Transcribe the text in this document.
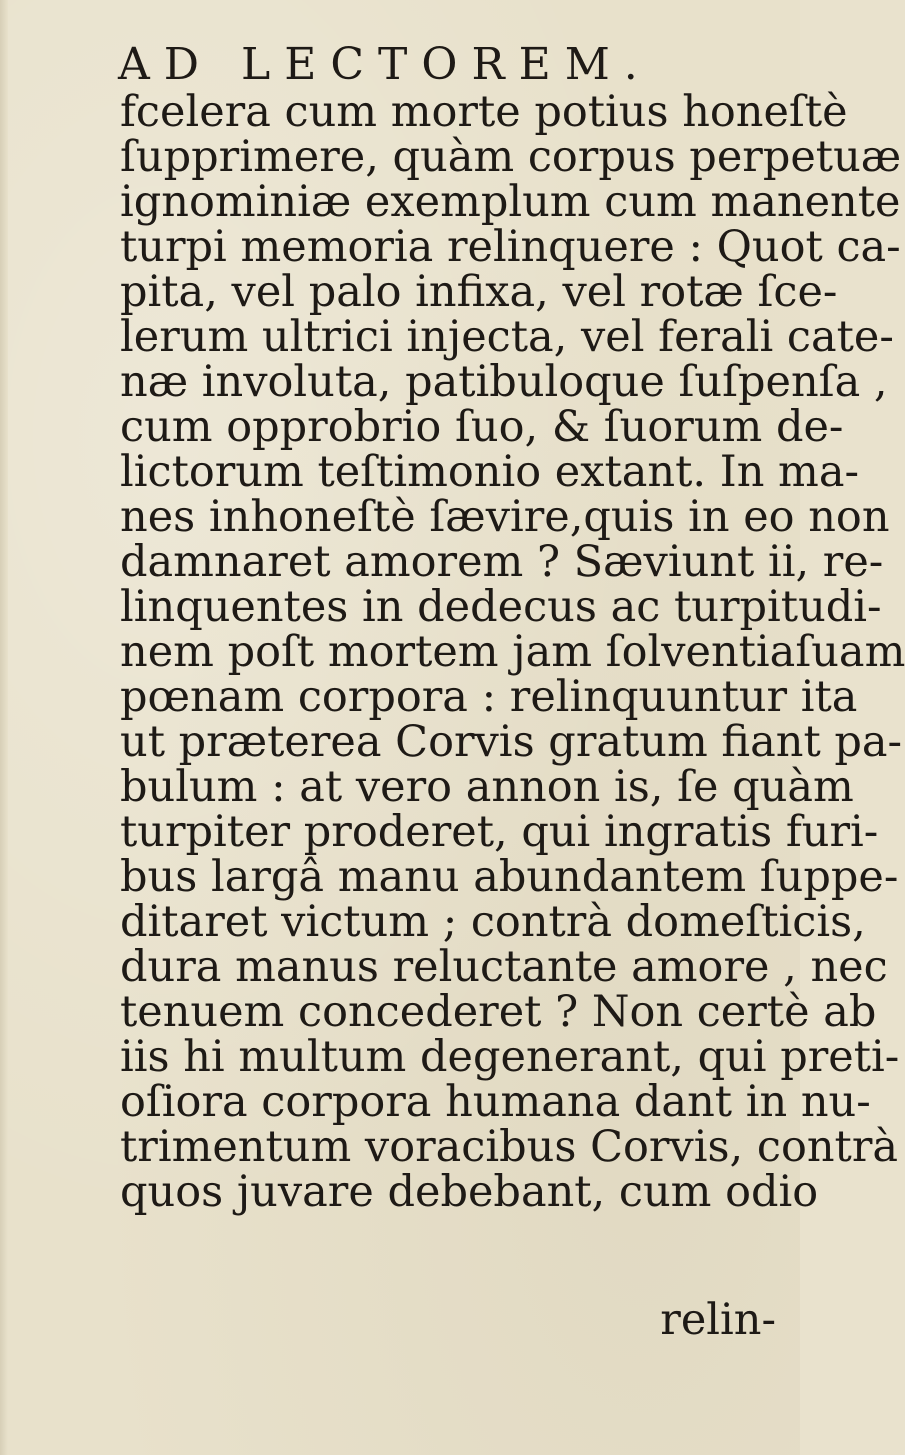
AD LECTOREM.
fcelera cum morte potius honeſtè
ſupprimere, quàm corpus perpetuæ
ignominiæ exemplum cum manente
turpi memoria relinquere : Quot ca-
pita, vel palo infixa, vel rotæ ſce-
lerum ultrici injecta, vel ferali cate-
næ involuta, patibuloque ſuſpenſa ,
cum opprobrio ſuo, & ſuorum de-
lictorum teſtimonio extant. In ma-
nes inhoneſtè ſævire,quis in eo non
damnaret amorem ? Sæviunt ii, re-
linquentes in dedecus ac turpitudi-
nem poſt mortem jam ſolventiaſuam
pœnam corpora : relinquuntur ita
ut præterea Corvis gratum fiant pa-
bulum : at vero annon is, ſe quàm
turpiter proderet, qui ingratis furi-
bus largâ manu abundantem ſuppe-
ditaret victum ; contrà domeſticis,
dura manus reluctante amore , nec
tenuem concederet ? Non certè ab
iis hi multum degenerant, qui preti-
oſiora corpora humana dant in nu-
trimentum voracibus Corvis, contrà
quos juvare debebant, cum odio
relin-
